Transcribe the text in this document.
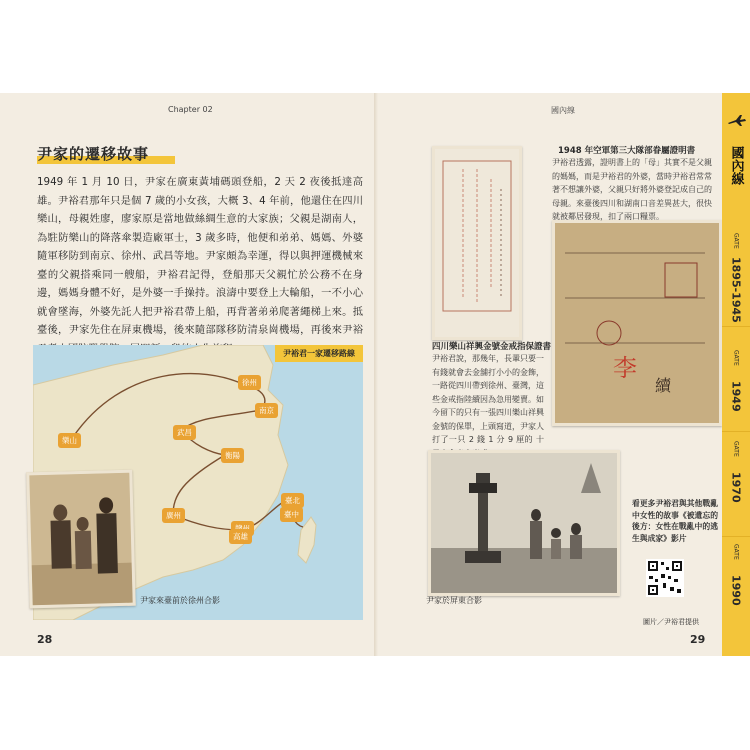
Chapter 02
尹家的遷移故事
1949 年 1 月 10 日，尹家在廣東黃埔碼頭登船，2 天 2 夜後抵達高雄。尹裕君那年只是個 7 歲的小女孩，大概 3、4 年前，他還住在四川樂山，母親姓廖，廖家原是當地做絲綢生意的大家族；父親是湖南人，為駐防樂山的降落傘製造廠軍士，3 歲多時，他便和弟弟、媽媽、外婆隨軍移防到南京、徐州、武昌等地。尹家頗為幸運，得以與押運機械來臺的父親搭乘同一艘船，尹裕君記得，登船那天父親忙於公務不在身邊，媽媽身體不好，是外婆一手操持。浪濤中要登上大輪船，一不小心就會墜海，外婆先託人把尹裕君帶上船，再背著弟弟爬著繩梯上來。抵臺後，尹家先住在屏東機場，後來隨部隊移防清泉崗機場，再後來尹裕
尹裕君一家遷移路線
樂山
徐州
南京
武昌
廣州
衡陽
臺北
臺中
高雄
尹家來臺前於徐州合影
28
國內線
李
續
1948 年空軍第三大隊部眷屬證明書
尹裕君透露，證明書上的「母」其實不是父親的媽媽，而是尹裕君的外婆，當時尹裕君常常著不想讓外婆，父親只好將外婆登記成自己的母親。來臺後四川和湖南口音差異甚大，很快就被鄰居發現，扣了兩口糧票。
四川樂山祥興金號金戒指保證書
尹裕君說，那幾年，長輩只要一有錢就會去金舖打小小的金飾，一路從四川帶到徐州、臺灣，這些金戒指陸續因為急用變賣。如今留下的只有一張四川樂山祥興金號的保單，上頭寫道，尹家人打了一只 2 錢 1 分 9 厘的 十
尹家於屏東合影
看更多尹裕君與其他戰亂中女性的故事《被遺忘的後方：女性在戰亂中的逃生與成家》影片
圖片／尹裕君提供
29
國內線
GATE
1895-1945
GATE
1949
GATE
1970
GATE
1990
